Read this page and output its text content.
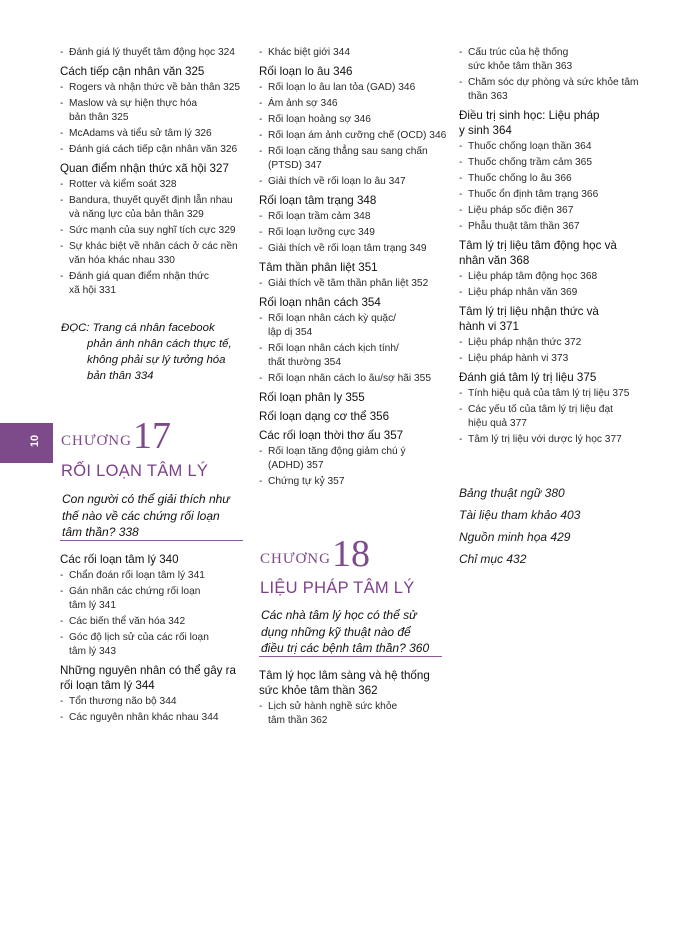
10
- Đánh giá lý thuyết tâm động học 324
Cách tiếp cận nhân văn 325
- Rogers và nhận thức về bản thân 325
- Maslow và sự hiện thực hóa
bản thân 325
- McAdams và tiểu sử tâm lý 326
- Đánh giá cách tiếp cận nhân văn 326
Quan điểm nhận thức xã hội 327
- Rotter và kiểm soát 328
- Bandura, thuyết quyết định lẫn nhau
và năng lực của bản thân 329
- Sức mạnh của suy nghĩ tích cực 329
- Sự khác biệt về nhân cách ở các nền
văn hóa khác nhau 330
- Đánh giá quan điểm nhận thức
xã hội 331
- Khác biệt giới 344
Rối loạn lo âu 346
- Rối loạn lo âu lan tỏa (GAD) 346
- Ám ảnh sợ 346
- Rối loạn hoảng sợ 346
- Rối loạn ám ảnh cưỡng chế (OCD) 346
- Rối loạn căng thẳng sau sang chấn
(PTSD) 347
- Giải thích về rối loạn lo âu 347
Rối loạn tâm trạng 348
- Rối loạn trầm cảm 348
- Rối loạn lưỡng cực 349
- Giải thích về rối loạn tâm trạng 349
Tâm thần phân liệt 351
- Giải thích về tâm thần phân liệt 352
Rối loạn nhân cách 354
- Rối loạn nhân cách kỳ quặc/
lập dị 354
- Rối loạn nhân cách kịch tính/
thất thường 354
- Rối loạn nhân cách lo âu/sợ hãi 355
Rối loạn phân ly 355
Rối loạn dạng cơ thể 356
Các rối loạn thời thơ ấu 357
- Rối loạn tăng động giảm chú ý
(ADHD) 357
- Chứng tự kỷ 357
- Cấu trúc của hệ thống
sức khỏe tâm thần 363
- Chăm sóc dự phòng và sức khỏe tâm
thần 363
Điều trị sinh học: Liệu pháp
y sinh 364
- Thuốc chống loạn thần 364
- Thuốc chống trầm cảm 365
- Thuốc chống lo âu 366
- Thuốc ổn định tâm trạng 366
- Liệu pháp sốc điện 367
- Phẫu thuật tâm thần 367
Tâm lý trị liệu tâm động học và
nhân văn 368
- Liệu pháp tâm động học 368
- Liệu pháp nhân văn 369
Tâm lý trị liệu nhận thức và
hành vi 371
- Liệu pháp nhận thức 372
- Liệu pháp hành vi 373
Đánh giá tâm lý trị liệu 375
- Tính hiệu quả của tâm lý trị liệu 375
- Các yếu tố của tâm lý trị liệu đạt
hiệu quả 377
- Tâm lý trị liệu với dược lý học 377
CHƯƠNG 17
RỐI LOẠN TÂM LÝ
Con người có thể giải thích như
thế nào về các chứng rối loạn
tâm thần? 338
CHƯƠNG 18
LIỆU PHÁP TÂM LÝ
Các nhà tâm lý học có thể sử
dụng những kỹ thuật nào để
điều trị các bệnh tâm thần? 360
Các rối loạn tâm lý 340
- Chẩn đoán rối loạn tâm lý 341
- Gán nhãn các chứng rối loạn
tâm lý 341
- Các biến thể văn hóa 342
- Góc độ lịch sử của các rối loạn
tâm lý 343
Những nguyên nhân có thể gây ra
rối loạn tâm lý 344
- Tổn thương não bộ 344
- Các nguyên nhân khác nhau 344
Tâm lý học lâm sàng và hệ thống
sức khỏe tâm thần 362
- Lịch sử hành nghề sức khỏe
tâm thần 362
ĐỌC: Trang cá nhân facebook
phản ánh nhân cách thực tế,
không phải sự lý tưởng hóa
bản thân 334
Bảng thuật ngữ 380
Tài liệu tham khảo 403
Nguồn minh họa 429
Chỉ mục 432
